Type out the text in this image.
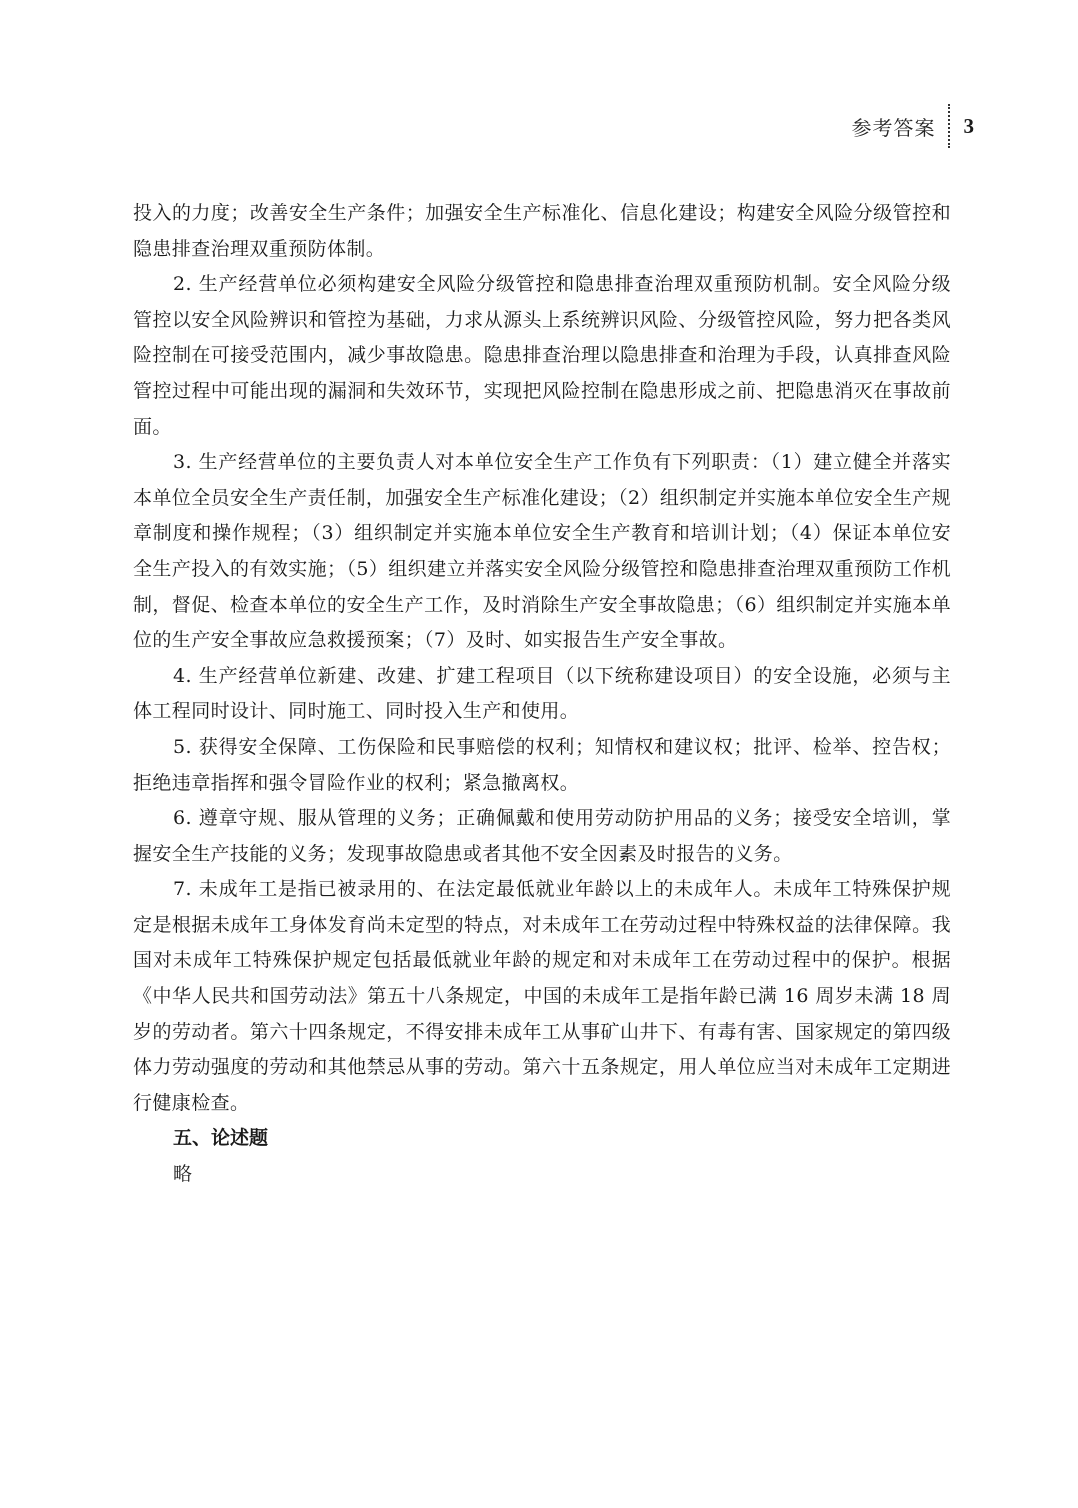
参考答案 3

投入的力度；改善安全生产条件；加强安全生产标准化、信息化建设；构建安全风险分级管控和隐患排查治理双重预防体制。

2. 生产经营单位必须构建安全风险分级管控和隐患排查治理双重预防机制。安全风险分级管控以安全风险辨识和管控为基础，力求从源头上系统辨识风险、分级管控风险，努力把各类风险控制在可接受范围内，减少事故隐患。隐患排查治理以隐患排查和治理为手段，认真排查风险管控过程中可能出现的漏洞和失效环节，实现把风险控制在隐患形成之前、把隐患消灭在事故前面。

3. 生产经营单位的主要负责人对本单位安全生产工作负有下列职责：（1）建立健全并落实本单位全员安全生产责任制，加强安全生产标准化建设；（2）组织制定并实施本单位安全生产规章制度和操作规程；（3）组织制定并实施本单位安全生产教育和培训计划；（4）保证本单位安全生产投入的有效实施；（5）组织建立并落实安全风险分级管控和隐患排查治理双重预防工作机制，督促、检查本单位的安全生产工作，及时消除生产安全事故隐患；（6）组织制定并实施本单位的生产安全事故应急救援预案；（7）及时、如实报告生产安全事故。

4. 生产经营单位新建、改建、扩建工程项目（以下统称建设项目）的安全设施，必须与主体工程同时设计、同时施工、同时投入生产和使用。

5. 获得安全保障、工伤保险和民事赔偿的权利；知情权和建议权；批评、检举、控告权；拒绝违章指挥和强令冒险作业的权利；紧急撤离权。

6. 遵章守规、服从管理的义务；正确佩戴和使用劳动防护用品的义务；接受安全培训，掌握安全生产技能的义务；发现事故隐患或者其他不安全因素及时报告的义务。

7. 未成年工是指已被录用的、在法定最低就业年龄以上的未成年人。未成年工特殊保护规定是根据未成年工身体发育尚未定型的特点，对未成年工在劳动过程中特殊权益的法律保障。我国对未成年工特殊保护规定包括最低就业年龄的规定和对未成年工在劳动过程中的保护。根据《中华人民共和国劳动法》第五十八条规定，中国的未成年工是指年龄已满 16 周岁未满 18 周岁的劳动者。第六十四条规定，不得安排未成年工从事矿山井下、有毒有害、国家规定的第四级体力劳动强度的劳动和其他禁忌从事的劳动。第六十五条规定，用人单位应当对未成年工定期进行健康检查。

五、论述题

略
